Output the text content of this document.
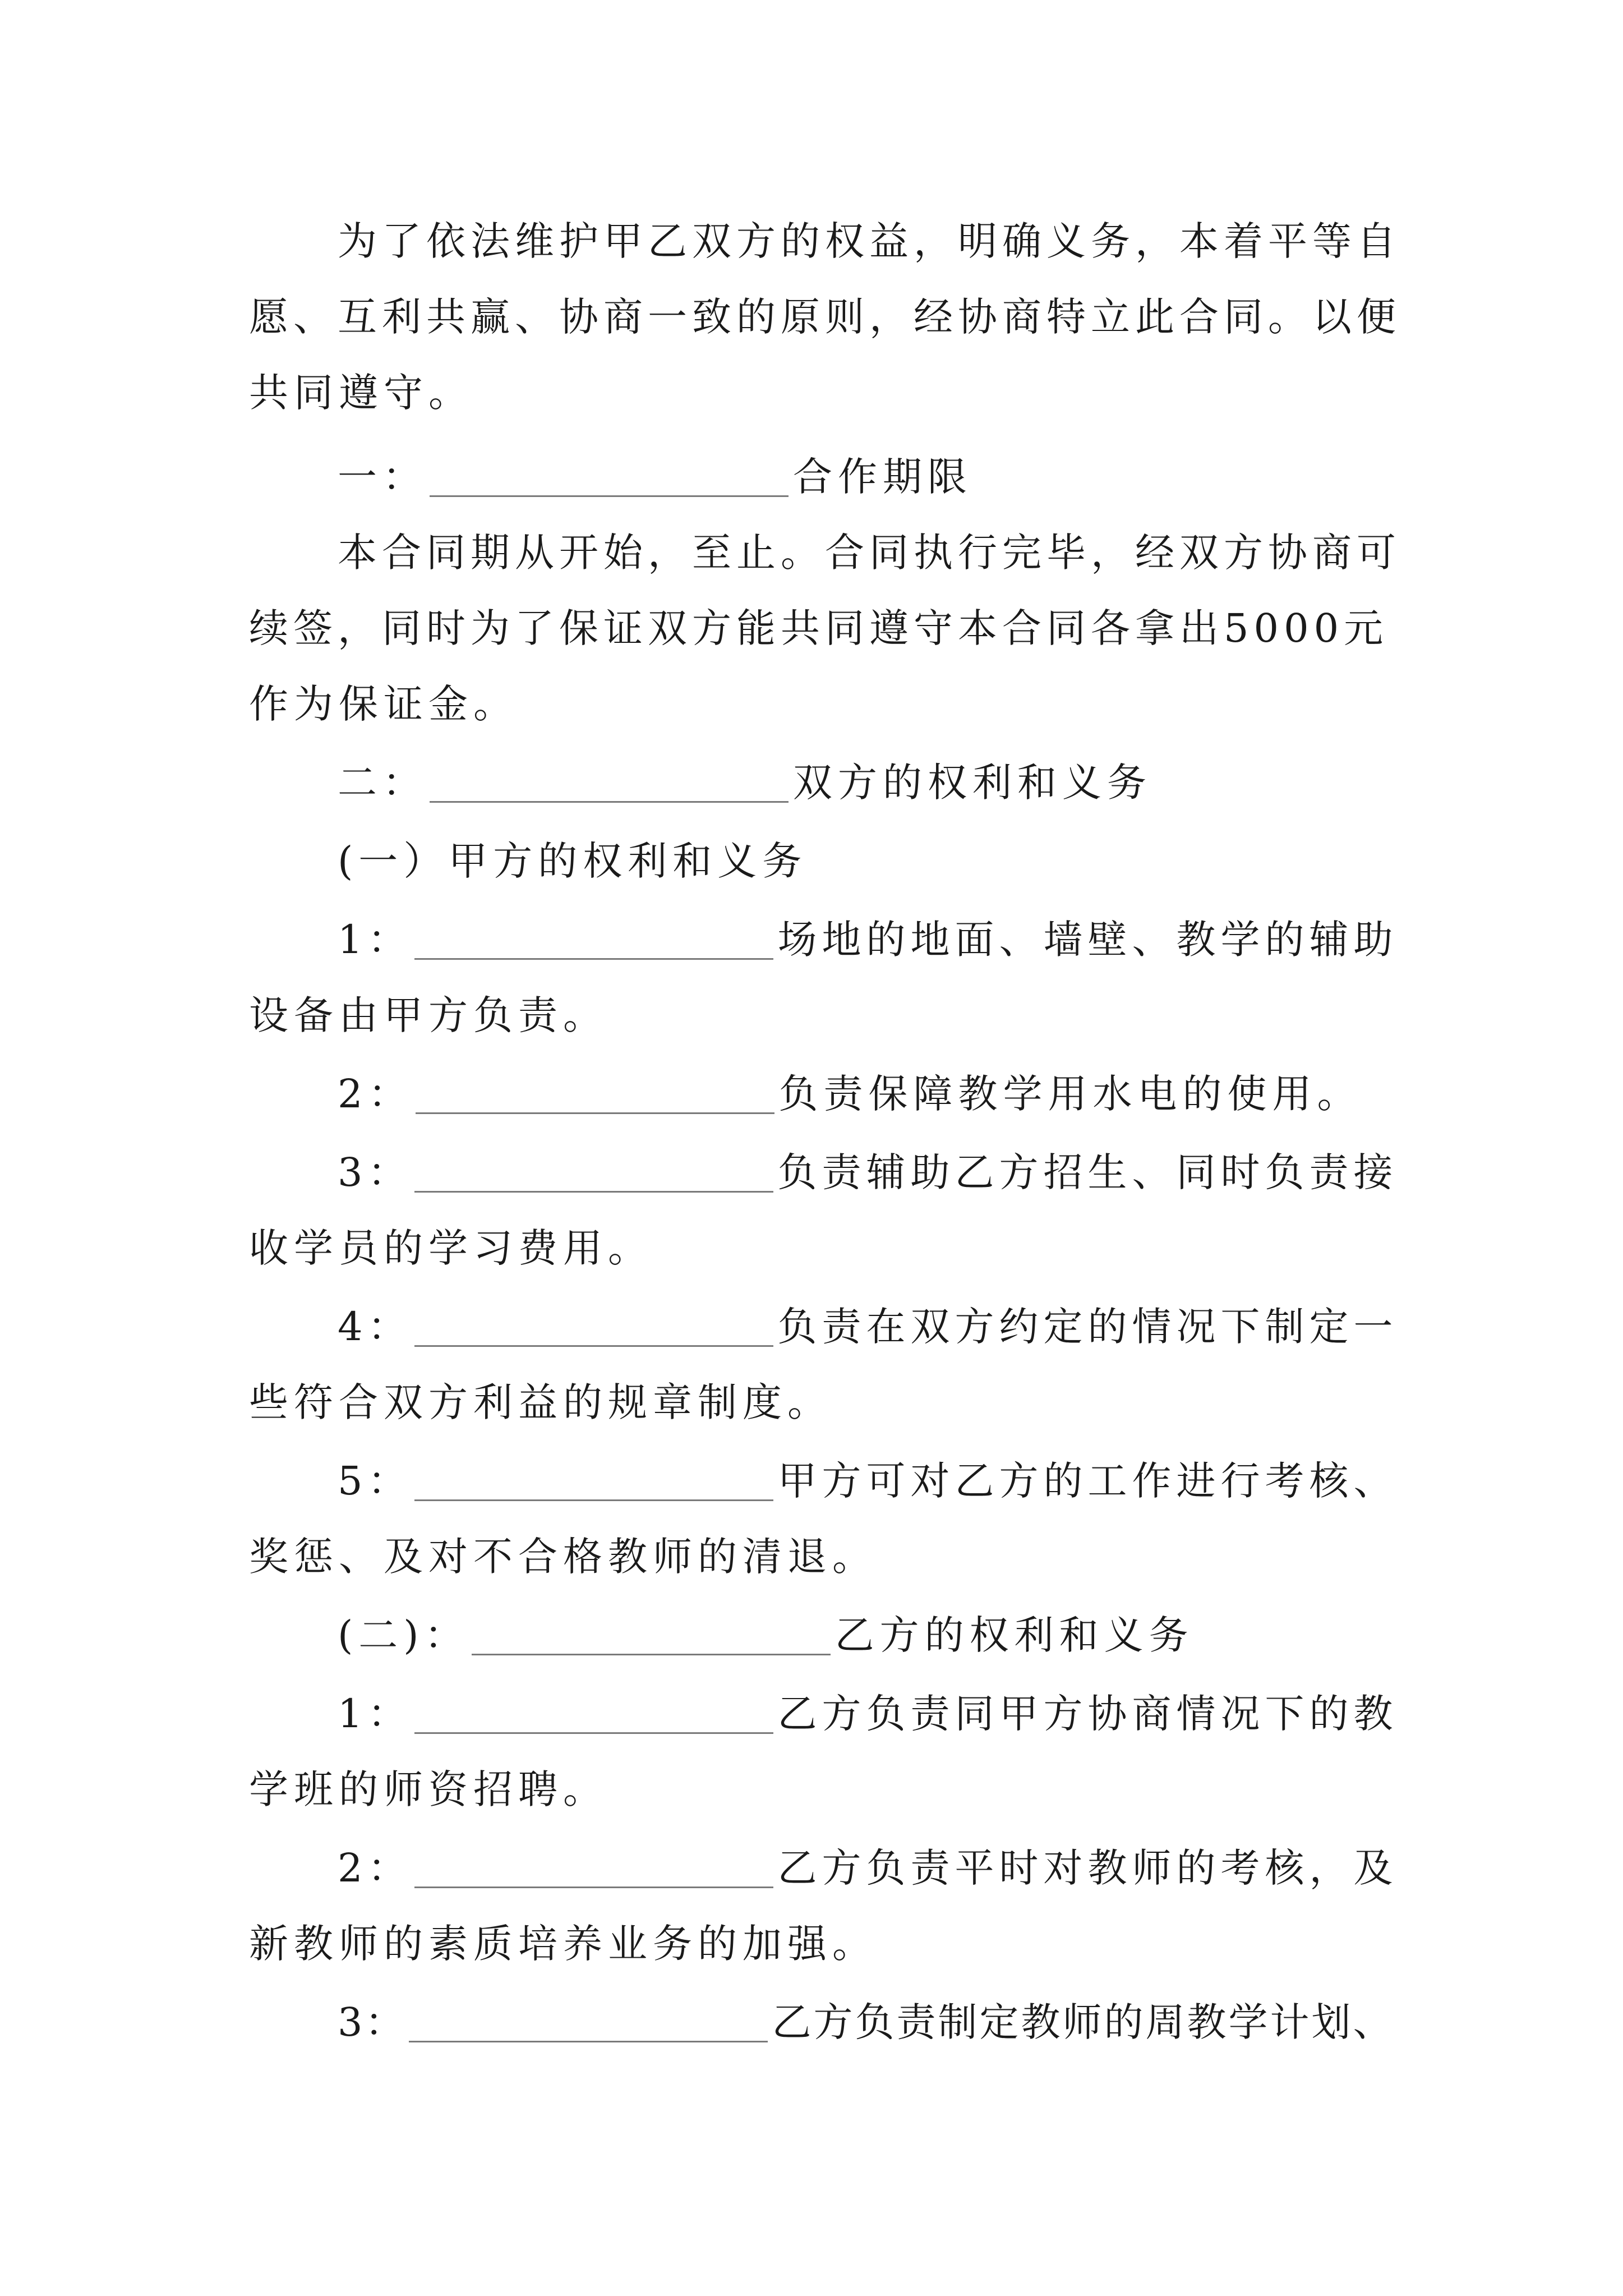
为了依法维护甲乙双方的权益，明确义务，本着平等自
愿、互利共赢、协商一致的原则，经协商特立此合同。以便
共同遵守。
一：	合作期限
本合同期从开始，至止。合同执行完毕，经双方协商可
续签，同时为了保证双方能共同遵守本合同各拿出5000元
作为保证金。
二：	双方的权利和义务
(一）甲方的权利和义务
1：	场地的地面、墙壁、教学的辅助
设备由甲方负责。
2：	负责保障教学用水电的使用。
3：	负责辅助乙方招生、同时负责接
收学员的学习费用。
4：	负责在双方约定的情况下制定一
些符合双方利益的规章制度。
5：	甲方可对乙方的工作进行考核、
奖惩、及对不合格教师的清退。
(二)：	乙方的权利和义务
1：	乙方负责同甲方协商情况下的教
学班的师资招聘。
2：	乙方负责平时对教师的考核，及
新教师的素质培养业务的加强。
3：	乙方负责制定教师的周教学计划、
